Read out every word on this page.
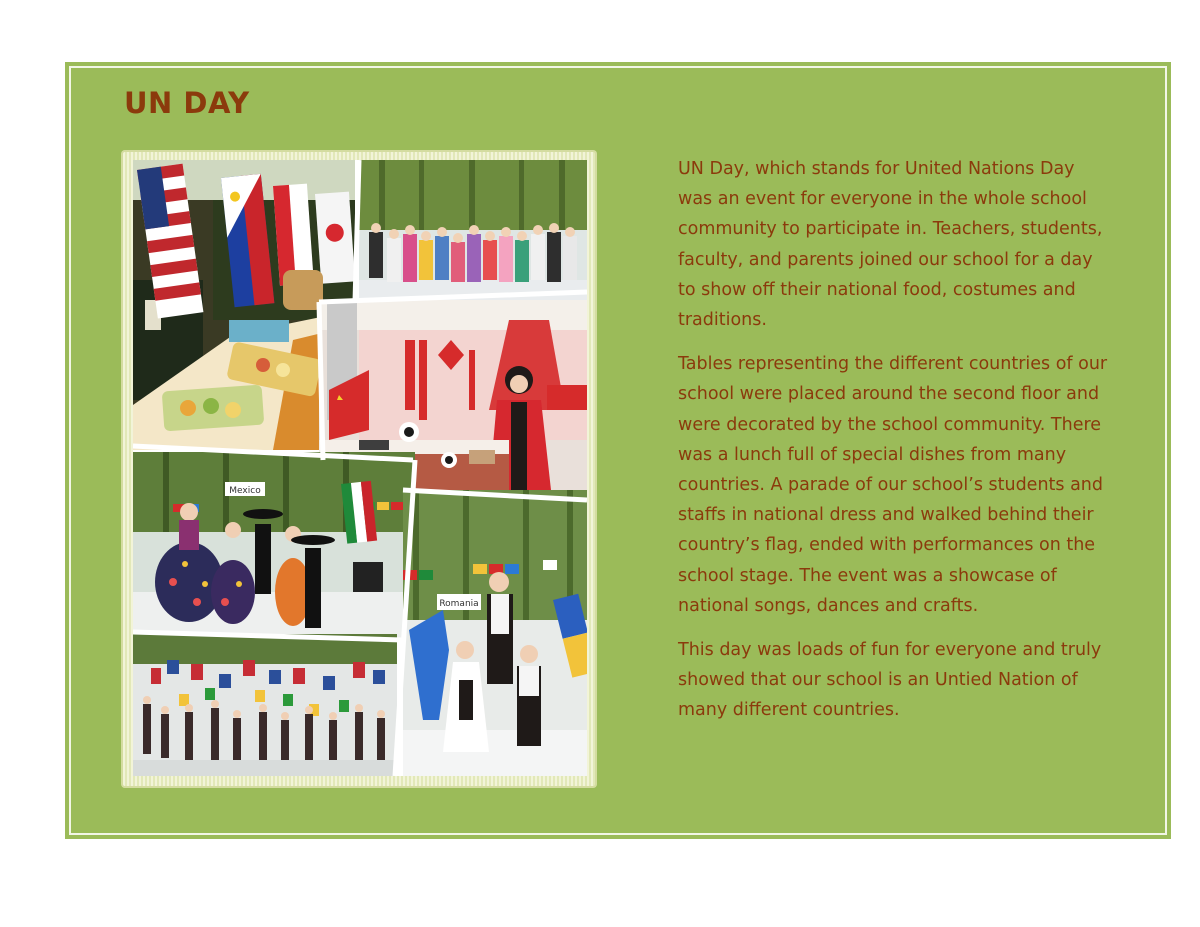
UN DAY
Mexico
Romania

UN Day, which stands for United Nations Day was an event for everyone in the whole school community to participate in. Teachers, students, faculty, and parents joined our school for a day to show off their national food, costumes and traditions.

Tables representing the different countries of our school were placed around the second floor and were decorated by the school community. There was a lunch full of special dishes from many countries. A parade of our school’s students and staffs in national dress and walked behind their country’s flag, ended with performances on the school stage. The event was a showcase of national songs, dances and crafts.

This day was loads of fun for everyone and truly showed that our school is an Untied Nation of many different countries.
